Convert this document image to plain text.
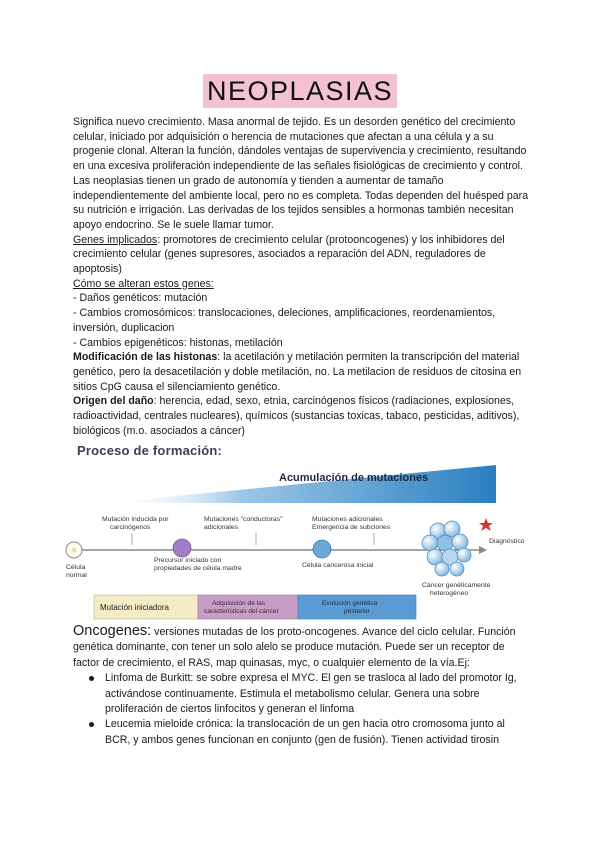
NEOPLASIAS

Significa nuevo crecimiento. Masa anormal de tejido. Es un desorden genético del crecimiento celular, iniciado por adquisición o herencia de mutaciones que afectan a una célula y a su progenie clonal. Alteran la función, dándoles ventajas de supervivencia y crecimiento, resultando en una excesiva proliferación independiente de las señales fisiológicas de crecimiento y control. Las neoplasias tienen un grado de autonomía y tienden a aumentar de tamaño independientemente del ambiente local, pero no es completa. Todas dependen del huésped para su nutrición e irrigación. Las derivadas de los tejidos sensibles a hormonas también necesitan apoyo endocrino. Se le suele llamar tumor.

Genes implicados: promotores de crecimiento celular (protooncogenes) y los inhibidores del crecimiento celular (genes supresores, asociados a reparación del ADN, reguladores de apoptosis)

Cómo se alteran estos genes:

- Daños genéticos: mutación

- Cambios cromosómicos: translocaciones, deleciones, amplificaciones, reordenamientos, inversión, duplicacion

- Cambios epigenéticos: histonas, metilación

Modificación de las histonas: la acetilación y metilación permiten la transcripción del material genético, pero la desacetilación y doble metilación, no. La metilacion de residuos de citosina en sitios CpG causa el silenciamiento genético.

Origen del daño: herencia, edad, sexo, etnia, carcinógenos físicos (radiaciones, explosiones, radioactividad, centrales nucleares), químicos (sustancias toxicas, tabaco, pesticidas, aditivos), biológicos (m.o. asociados a cáncer)

Proceso de formación:
Acumulación de mutaciones
Mutación inducida por
carcinógenos
Mutaciones "conductoras"
adicionales
Mutaciones adicionales
Emergencia de subclones
Célula
normal
Precursor iniciado con
propiedades de célula madre	Célula cancerosa inicial
Cáncer genéticamente
heterogéneo
Diagnóstico
Mutación iniciadora	Adquisición de las
características del cáncer
Evolución genética
posterior

Oncogenes: versiones mutadas de los proto-oncogenes. Avance del ciclo celular. Función genética dominante, con tener un solo alelo se produce mutación. Puede ser un receptor de factor de crecimiento, el RAS, map quinasas, myc, o cualquier elemento de la vía.Ej:

Linfoma de Burkitt: se sobre expresa el MYC. El gen se trasloca al lado del promotor Ig, activándose continuamente. Estimula el metabolismo celular. Genera una sobre proliferación de ciertos linfocitos y generan el linfoma
Leucemia mieloide crónica: la translocación de un gen hacia otro cromosoma junto al BCR, y ambos genes funcionan en conjunto (gen de fusión). Tienen actividad tirosin
